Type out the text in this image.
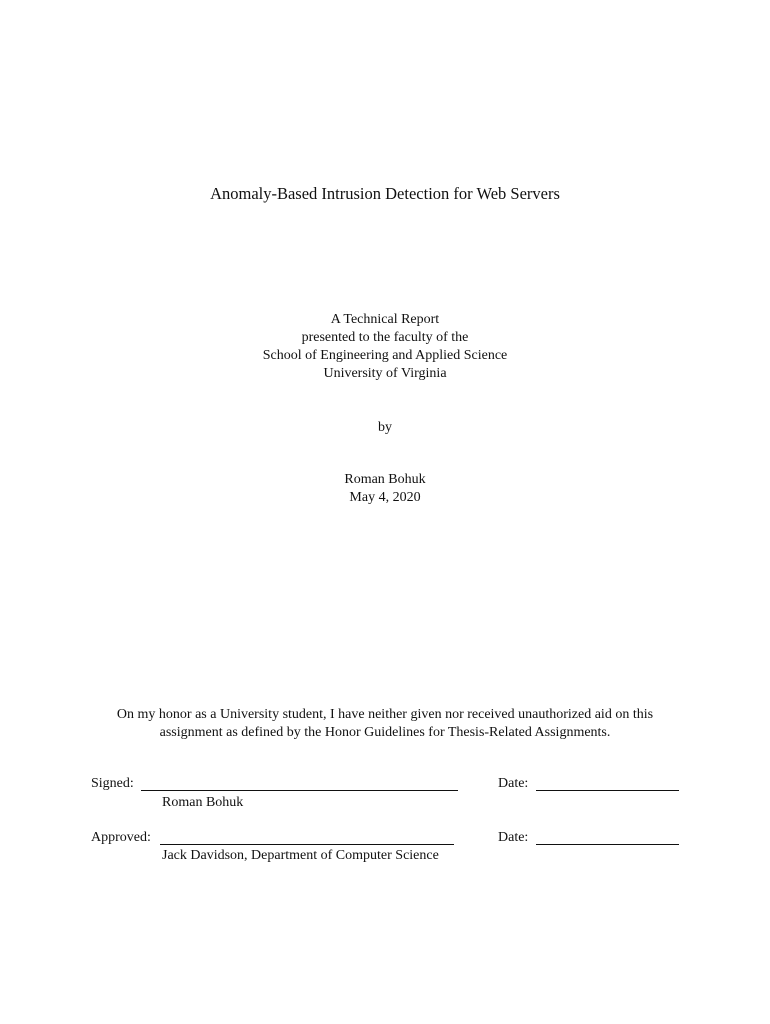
Anomaly-Based Intrusion Detection for Web Servers
A Technical Report
presented to the faculty of the
School of Engineering and Applied Science
University of Virginia
by
Roman Bohuk
May 4, 2020
On my honor as a University student, I have neither given nor received unauthorized aid on this
assignment as defined by the Honor Guidelines for Thesis-Related Assignments.
Signed:	Date:
Roman Bohuk
Approved:	Date:
Jack Davidson, Department of Computer Science
